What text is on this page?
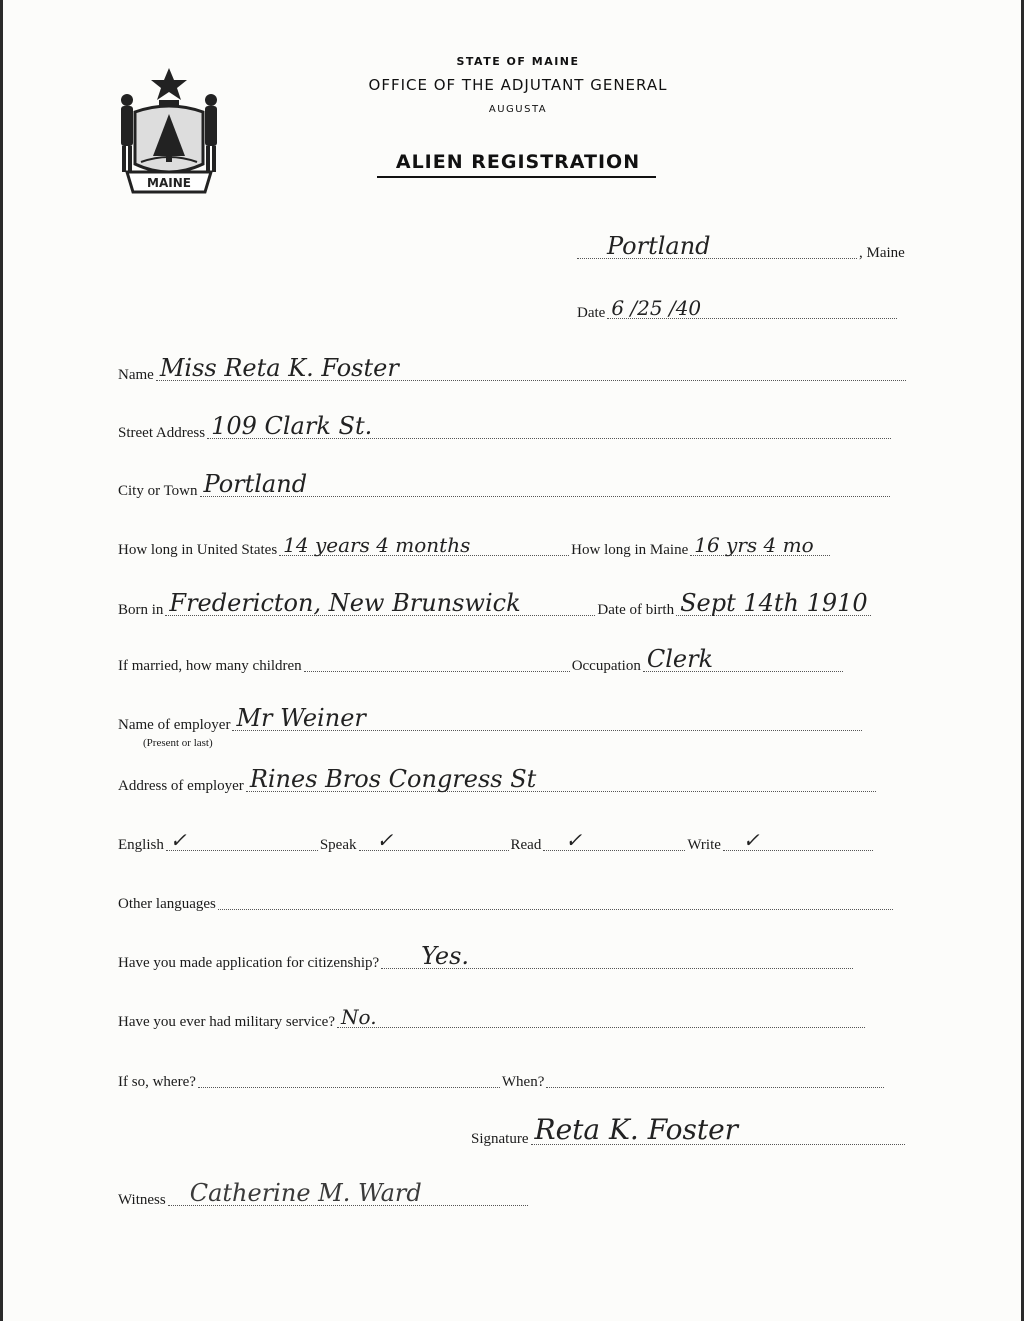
MAINE
STATE OF MAINE
OFFICE OF THE ADJUTANT GENERAL
AUGUSTA
ALIEN REGISTRATION
Portland	, Maine
Date 6 /25 /40
Name Miss Reta K. Foster
Street Address 109 Clark St.
City or Town Portland
How long in United States 14 years 4 months	How long in Maine 16 yrs 4 mo
Born in Fredericton, New Brunswick	Date of birth Sept 14th 1910
If married, how many children	Occupation Clerk
Name of employer Mr Weiner
(Present or last)
Address of employer Rines Bros Congress St
English ✓	Speak ✓	Read ✓	Write ✓
Other languages
Have you made application for citizenship? Yes.
Have you ever had military service? No.
If so, where?	When?
Signature Reta K. Foster
Witness Catherine M. Ward
